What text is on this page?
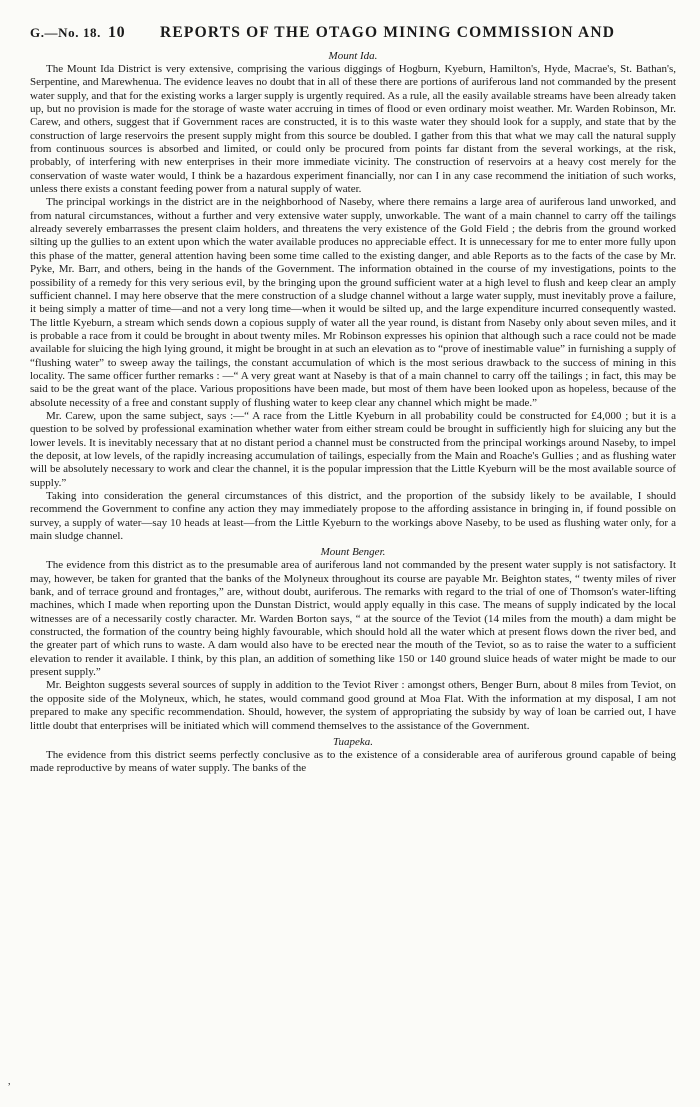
G.—No. 18. 10	REPORTS OF THE OTAGO MINING COMMISSION AND
Mount Ida.

The Mount Ida District is very extensive, comprising the various diggings of Hogburn, Kyeburn, Hamilton's, Hyde, Macrae's, St. Bathan's, Serpentine, and Marewhenua. The evidence leaves no doubt that in all of these there are portions of auriferous land not commanded by the present water supply, and that for the existing works a larger supply is urgently required. As a rule, all the easily available streams have been already taken up, but no provision is made for the storage of waste water accruing in times of flood or even ordinary moist weather. Mr. Warden Robinson, Mr. Carew, and others, suggest that if Government races are constructed, it is to this waste water they should look for a supply, and state that by the construction of large reservoirs the present supply might from this source be doubled. I gather from this that what we may call the natural supply from continuous sources is absorbed and limited, or could only be procured from points far distant from the several workings, at the risk, probably, of interfering with new enterprises in their more immediate vicinity. The construction of reservoirs at a heavy cost merely for the conservation of waste water would, I think be a hazardous experiment financially, nor can I in any case recommend the initiation of such works, unless there exists a constant feeding power from a natural supply of water.

The principal workings in the district are in the neighborhood of Naseby, where there remains a large area of auriferous land unworked, and from natural circumstances, without a further and very extensive water supply, unworkable. The want of a main channel to carry off the tailings already severely embarrasses the present claim holders, and threatens the very existence of the Gold Field ; the debris from the ground worked silting up the gullies to an extent upon which the water available produces no appreciable effect. It is unnecessary for me to enter more fully upon this phase of the matter, general attention having been some time called to the existing danger, and able Reports as to the facts of the case by Mr. Pyke, Mr. Barr, and others, being in the hands of the Government. The information obtained in the course of my investigations, points to the possibility of a remedy for this very serious evil, by the bringing upon the ground sufficient water at a high level to flush and keep clear an amply sufficient channel. I may here observe that the mere construction of a sludge channel without a large water supply, must inevitably prove a failure, it being simply a matter of time—and not a very long time—when it would be silted up, and the large expenditure incurred consequently wasted. The little Kyeburn, a stream which sends down a copious supply of water all the year round, is distant from Naseby only about seven miles, and it is probable a race from it could be brought in about twenty miles. Mr Robinson expresses his opinion that although such a race could not be made available for sluicing the high lying ground, it might be brought in at such an elevation as to “prove of inestimable value” in furnishing a supply of “flushing water” to sweep away the tailings, the constant accumulation of which is the most serious drawback to the success of mining in this locality. The same officer further remarks : —“ A very great want at Naseby is that of a main channel to carry off the tailings ; in fact, this may be said to be the great want of the place. Various propositions have been made, but most of them have been looked upon as hopeless, because of the absolute necessity of a free and constant supply of flushing water to keep clear any channel which might be made.”

Mr. Carew, upon the same subject, says :—“ A race from the Little Kyeburn in all probability could be constructed for £4,000 ; but it is a question to be solved by professional examination whether water from either stream could be brought in sufficiently high for sluicing any but the lower levels. It is inevitably necessary that at no distant period a channel must be constructed from the principal workings around Naseby, to impel the deposit, at low levels, of the rapidly increasing accumulation of tailings, especially from the Main and Roache's Gullies ; and as flushing water will be absolutely necessary to work and clear the channel, it is the popular impression that the Little Kyeburn will be the most available source of supply.”

Taking into consideration the general circumstances of this district, and the proportion of the subsidy likely to be available, I should recommend the Government to confine any action they may immediately propose to the affording assistance in bringing in, if found possible on survey, a supply of water—say 10 heads at least—from the Little Kyeburn to the workings above Naseby, to be used as flushing water only, for a main sludge channel.

Mount Benger.

The evidence from this district as to the presumable area of auriferous land not commanded by the present water supply is not satisfactory. It may, however, be taken for granted that the banks of the Molyneux throughout its course are payable Mr. Beighton states, “ twenty miles of river bank, and of terrace ground and frontages,” are, without doubt, auriferous. The remarks with regard to the trial of one of Thomson's water-lifting machines, which I made when reporting upon the Dunstan District, would apply equally in this case. The means of supply indicated by the local witnesses are of a necessarily costly character. Mr. Warden Borton says, “ at the source of the Teviot (14 miles from the mouth) a dam might be constructed, the formation of the country being highly favourable, which should hold all the water which at present flows down the river bed, and the greater part of which runs to waste. A dam would also have to be erected near the mouth of the Teviot, so as to raise the water to a sufficient elevation to render it available. I think, by this plan, an addition of something like 150 or 140 ground sluice heads of water might be made to our present supply.”

Mr. Beighton suggests several sources of supply in addition to the Teviot River : amongst others, Benger Burn, about 8 miles from Teviot, on the opposite side of the Molyneux, which, he states, would command good ground at Moa Flat. With the information at my disposal, I am not prepared to make any specific recommendation. Should, however, the system of appropriating the subsidy by way of loan be carried out, I have little doubt that enterprises will be initiated which will commend themselves to the assistance of the Government.

Tuapeka.

The evidence from this district seems perfectly conclusive as to the existence of a considerable area of auriferous ground capable of being made reproductive by means of water supply. The banks of the

,
